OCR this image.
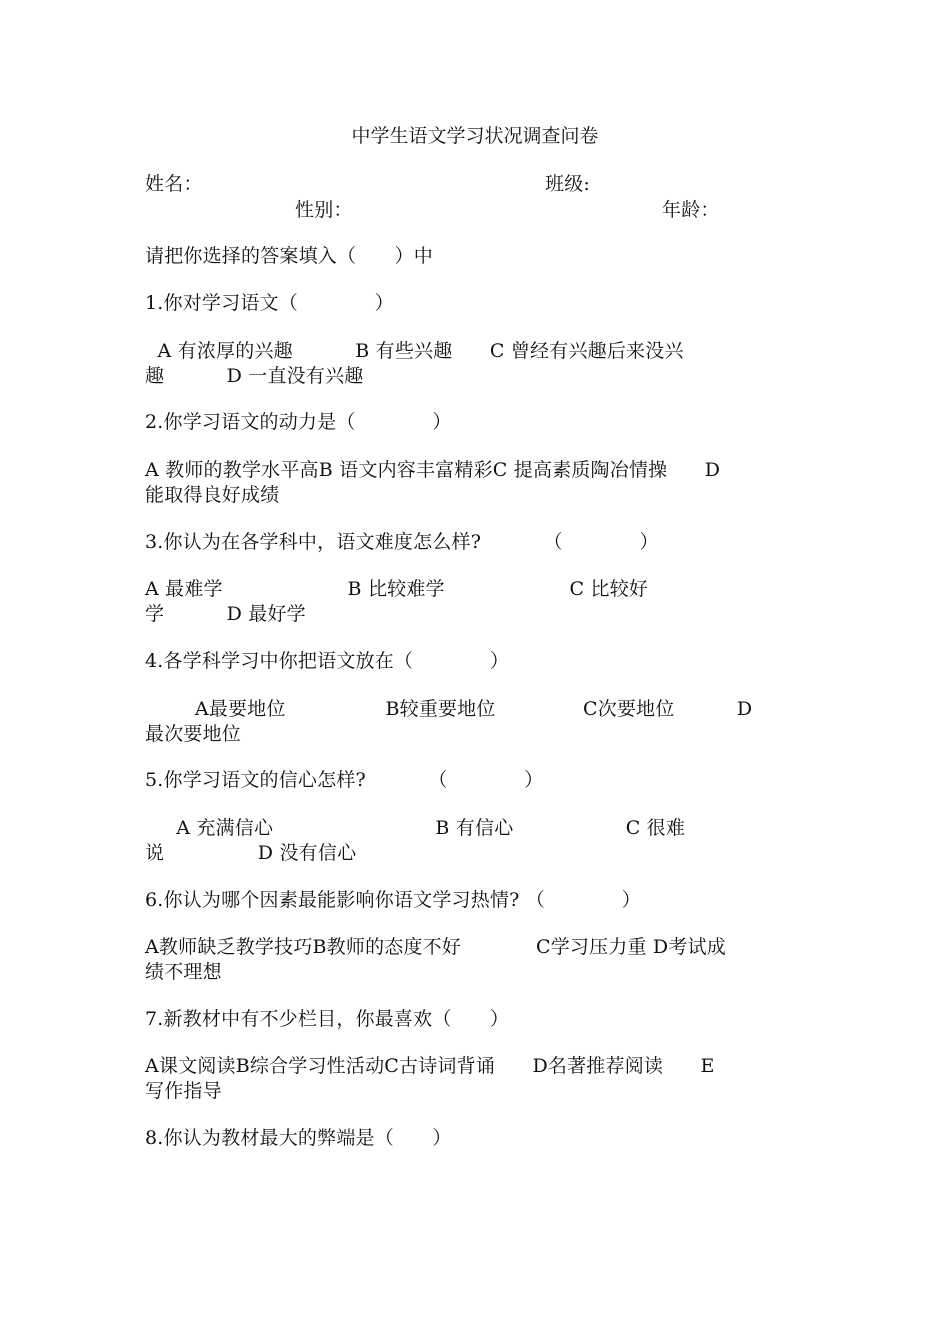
中学生语文学习状况调查问卷
姓名：	班级:
性别：	年龄：
请把你选择的答案填入（　　）中
1.你对学习语文（　　　　）
A 有浓厚的兴趣          B 有些兴趣      C 曾经有兴趣后来没兴
趣          D 一直没有兴趣
2.你学习语文的动力是（　　　　）
A 教师的教学水平高B 语文内容丰富精彩C 提高素质陶冶情操      D
能取得良好成绩
3.你认为在各学科中，语文难度怎么样?          （　　　　）
A 最难学                    B 比较难学                    C 比较好
学          D 最好学
4.各学科学习中你把语文放在（　　　　）
A最要地位                B较重要地位              C次要地位          D
最次要地位
5.你学习语文的信心怎样?          （　　　　）
A 充满信心                          B 有信心                  C 很难
说               D 没有信心
6.你认为哪个因素最能影响你语文学习热情? （　　　　）
A教师缺乏教学技巧B教师的态度不好            C学习压力重 D考试成
绩不理想
7.新教材中有不少栏目，你最喜欢（　　）
A课文阅读B综合学习性活动C古诗词背诵      D名著推荐阅读      E
写作指导
8.你认为教材最大的弊端是（　　）
